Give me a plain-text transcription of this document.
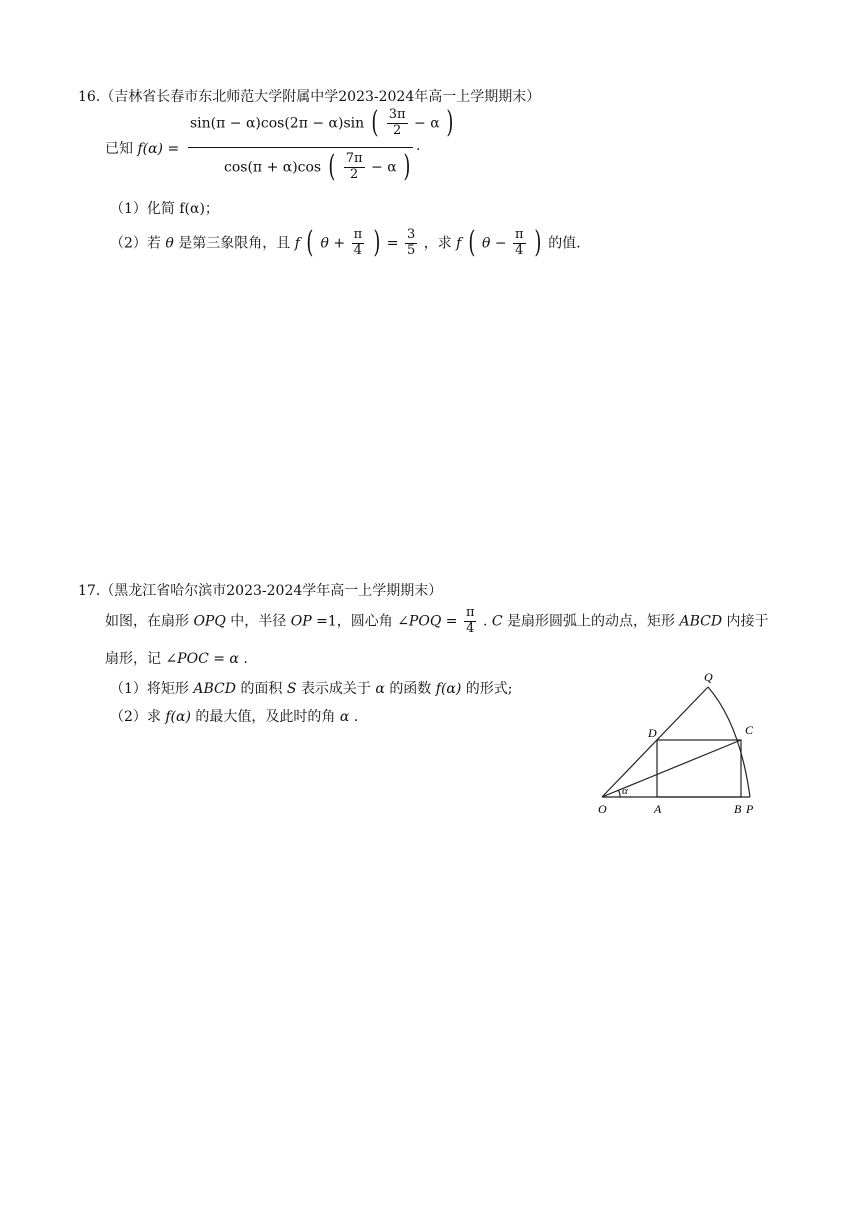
16.（吉林省长春市东北师范大学附属中学2023-2024年高一上学期期末）
已知 f(α) =
sin(π − α)cos(2π − α)sin ( $\frac{3\pi}{2} - \alpha$ )
.
cos(π + α)cos ( $\frac{7\pi}{2} - \alpha$ )
（1）化简 f(α)；
（2）若 θ 是第三象限角，且 f ( $\theta + \frac{\pi}{4}$ ) = $\frac{3}{5}$ ，求 f ( $\theta - \frac{\pi}{4}$ ) 的值.
17.（黑龙江省哈尔滨市2023-2024学年高一上学期期末）
如图，在扇形 OPQ 中，半径 OP =1，圆心角 ∠POQ = $\frac{\pi}{4}$ . C 是扇形圆弧上的动点，矩形 ABCD 内接于
扇形，记 ∠POC = α .
（1）将矩形 ABCD 的面积 S 表示成关于 α 的函数 f(α) 的形式;
（2）求 f(α) 的最大值，及此时的角 α .
Q
D	C
O	A	B P
α
